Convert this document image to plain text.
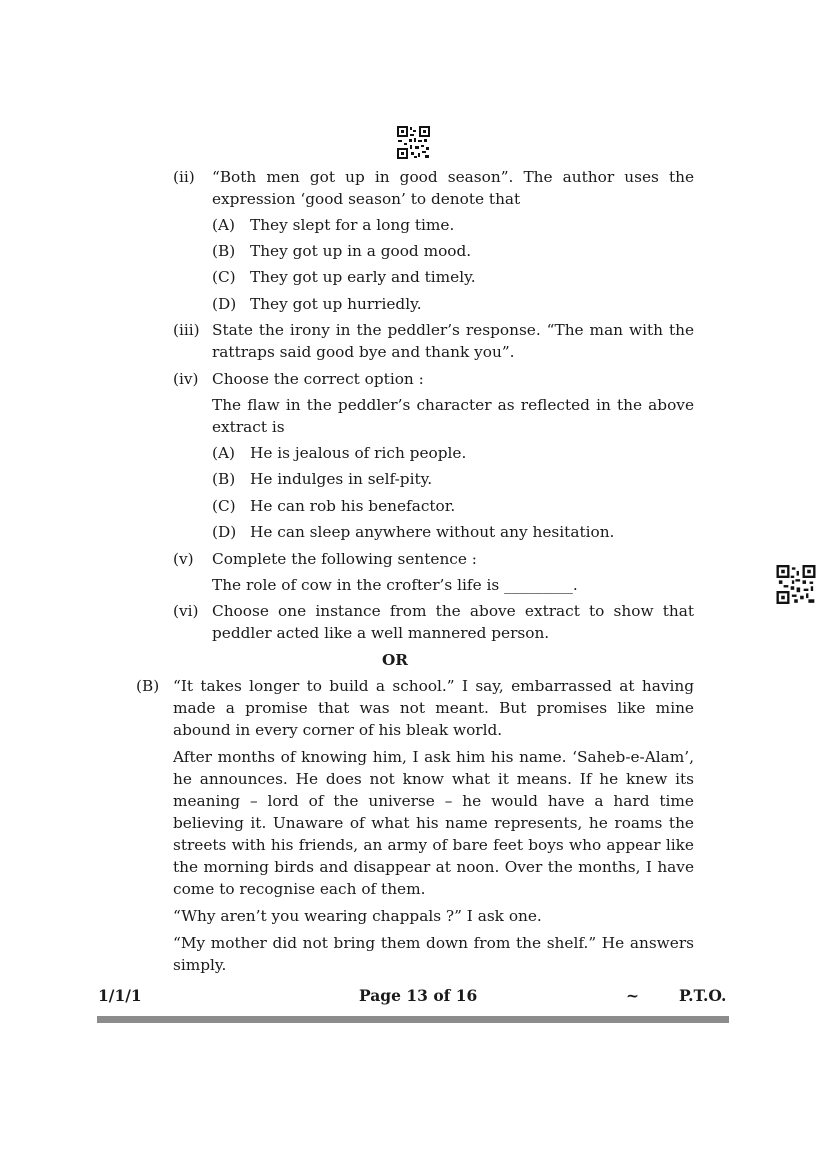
(ii)	“Both men got up in good season”. The author uses the expression ‘good season’ to denote that
(A) They slept for a long time.
(B) They got up in a good mood.
(C) They got up early and timely.
(D) They got up hurriedly.
(iii) State the irony in the peddler’s response. “The man with the rattraps said good bye and thank you”.
(iv) Choose the correct option :
The flaw in the peddler’s character as reflected in the above extract is
(A) He is jealous of rich people.
(B) He indulges in self-pity.
(C) He can rob his benefactor.
(D) He can sleep anywhere without any hesitation.
(v)	Complete the following sentence :
The role of cow in the crofter’s life is _________.
(vi) Choose one instance from the above extract to show that peddler acted like a well mannered person.
OR
(B) “It takes longer to build a school.” I say, embarrassed at having made a promise that was not meant. But promises like mine abound in every corner of his bleak world.
After months of knowing him, I ask him his name. ‘Saheb-e-Alam’, he announces. He does not know what it means. If he knew its meaning – lord of the universe – he would have a hard time believing it. Unaware of what his name represents, he roams the streets with his friends, an army of bare feet boys who appear like the morning birds and disappear at noon. Over the months, I have come to recognise each of them.
“Why aren’t you wearing chappals ?” I ask one.
“My mother did not bring them down from the shelf.” He answers simply.
1/1/1	Page 13 of 16	~	P.T.O.
